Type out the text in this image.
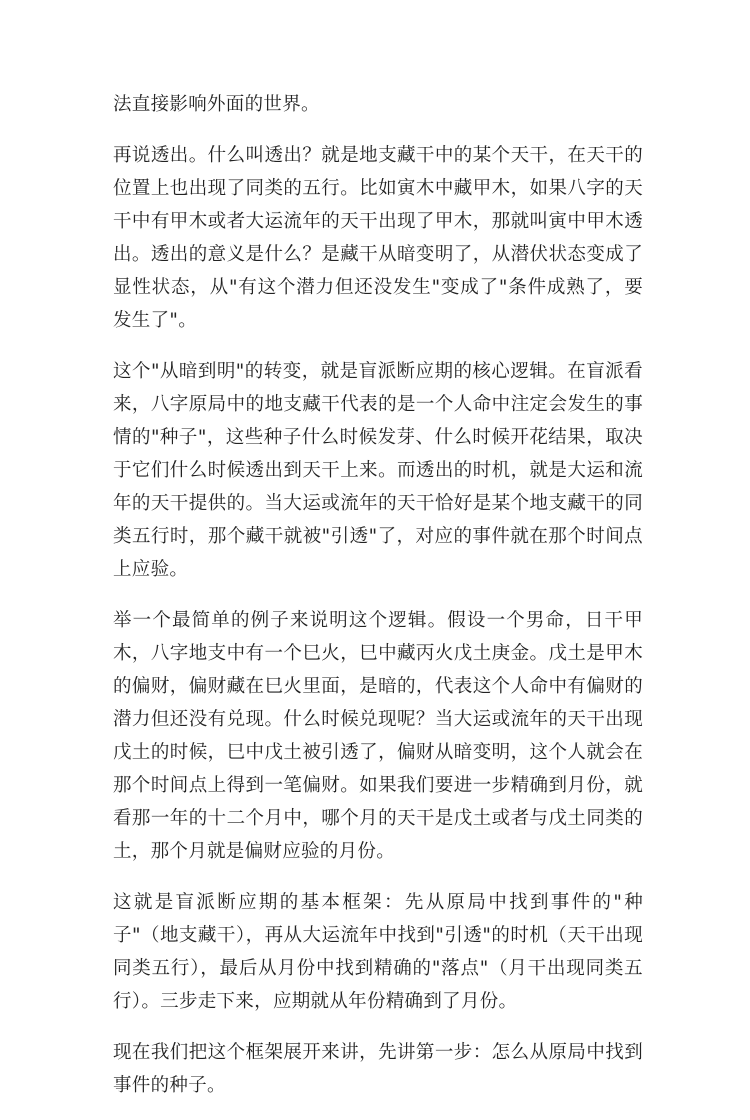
法直接影响外面的世界。

再说透出。什么叫透出？就是地支藏干中的某个天干，在天干的位置上也出现了同类的五行。比如寅木中藏甲木，如果八字的天干中有甲木或者大运流年的天干出现了甲木，那就叫寅中甲木透出。透出的意义是什么？是藏干从暗变明了，从潜伏状态变成了显性状态，从"有这个潜力但还没发生"变成了"条件成熟了，要发生了"。

这个"从暗到明"的转变，就是盲派断应期的核心逻辑。在盲派看来，八字原局中的地支藏干代表的是一个人命中注定会发生的事情的"种子"，这些种子什么时候发芽、什么时候开花结果，取决于它们什么时候透出到天干上来。而透出的时机，就是大运和流年的天干提供的。当大运或流年的天干恰好是某个地支藏干的同类五行时，那个藏干就被"引透"了，对应的事件就在那个时间点上应验。

举一个最简单的例子来说明这个逻辑。假设一个男命，日干甲木，八字地支中有一个巳火，巳中藏丙火戊土庚金。戊土是甲木的偏财，偏财藏在巳火里面，是暗的，代表这个人命中有偏财的潜力但还没有兑现。什么时候兑现呢？当大运或流年的天干出现戊土的时候，巳中戊土被引透了，偏财从暗变明，这个人就会在那个时间点上得到一笔偏财。如果我们要进一步精确到月份，就看那一年的十二个月中，哪个月的天干是戊土或者与戊土同类的土，那个月就是偏财应验的月份。

这就是盲派断应期的基本框架：先从原局中找到事件的"种子"（地支藏干），再从大运流年中找到"引透"的时机（天干出现同类五行），最后从月份中找到精确的"落点"（月干出现同类五行）。三步走下来，应期就从年份精确到了月份。

现在我们把这个框架展开来讲，先讲第一步：怎么从原局中找到事件的种子。
